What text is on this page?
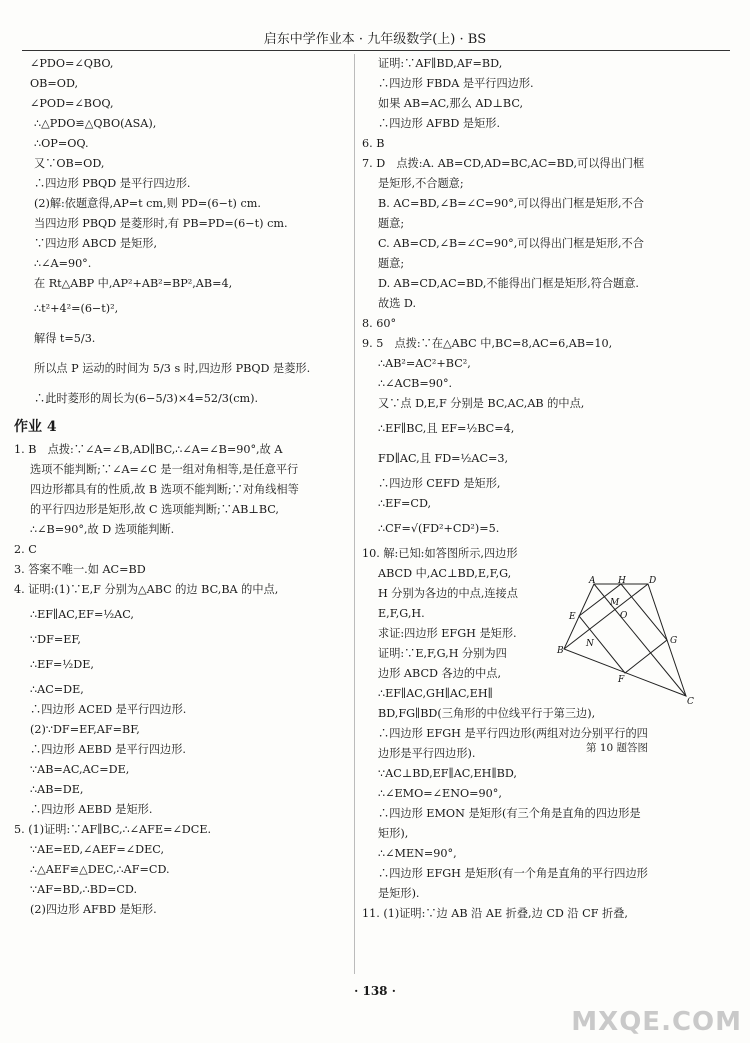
启东中学作业本 · 九年级数学(上) · BS
∠PDO=∠QBO,
OB=OD,
∠POD=∠BOQ,
∴△PDO≌△QBO(ASA),
∴OP=OQ.
又∵OB=OD,
∴四边形 PBQD 是平行四边形.
(2)解:依题意得,AP=t cm,则 PD=(6−t) cm.
当四边形 PBQD 是菱形时,有 PB=PD=(6−t) cm.
∵四边形 ABCD 是矩形,
∴∠A=90°.
在 Rt△ABP 中,AP²+AB²=BP²,AB=4,
∴t²+4²=(6−t)²,
解得 t=5/3.
所以点 P 运动的时间为 5/3 s 时,四边形 PBQD 是菱形.
∴此时菱形的周长为(6−5/3)×4=52/3(cm).
作业 4
1. B　点拨:∵∠A=∠B,AD∥BC,∴∠A=∠B=90°,故 A
选项不能判断;∵∠A=∠C 是一组对角相等,是任意平行
四边形都具有的性质,故 B 选项不能判断;∵对角线相等
的平行四边形是矩形,故 C 选项能判断;∵AB⊥BC,
∴∠B=90°,故 D 选项能判断.
2. C
3. 答案不唯一.如 AC=BD
4. 证明:(1)∵E,F 分别为△ABC 的边 BC,BA 的中点,
∴EF∥AC,EF=½AC,
∵DF=EF,
∴EF=½DE,
∴AC=DE,
∴四边形 ACED 是平行四边形.
(2)∵DF=EF,AF=BF,
∴四边形 AEBD 是平行四边形.
∵AB=AC,AC=DE,
∴AB=DE,
∴四边形 AEBD 是矩形.
5. (1)证明:∵AF∥BC,∴∠AFE=∠DCE.
∵AE=ED,∠AEF=∠DEC,
∴△AEF≌△DEC,∴AF=CD.
∵AF=BD,∴BD=CD.
(2)四边形 AFBD 是矩形.
证明:∵AF∥BD,AF=BD,
∴四边形 FBDA 是平行四边形.
如果 AB=AC,那么 AD⊥BC,
∴四边形 AFBD 是矩形.
6. B
7. D　点拨:A. AB=CD,AD=BC,AC=BD,可以得出门框
是矩形,不合题意;
B. AC=BD,∠B=∠C=90°,可以得出门框是矩形,不合
题意;
C. AB=CD,∠B=∠C=90°,可以得出门框是矩形,不合
题意;
D. AB=CD,AC=BD,不能得出门框是矩形,符合题意.
故选 D.
8. 60°
9. 5　点拨:∵在△ABC 中,BC=8,AC=6,AB=10,
∴AB²=AC²+BC²,
∴∠ACB=90°.
又∵点 D,E,F 分别是 BC,AC,AB 的中点,
∴EF∥BC,且 EF=½BC=4,
FD∥AC,且 FD=½AC=3,
∴四边形 CEFD 是矩形,
∴EF=CD,
∴CF=√(FD²+CD²)=5.
10. 解:已知:如答图所示,四边形
ABCD 中,AC⊥BD,E,F,G,
H 分别为各边的中点,连接点
E,F,G,H.
求证:四边形 EFGH 是矩形.
证明:∵E,F,G,H 分别为四
边形 ABCD 各边的中点,
∴EF∥AC,GH∥AC,EH∥
BD,FG∥BD(三角形的中位线平行于第三边),
∴四边形 EFGH 是平行四边形(两组对边分别平行的四
边形是平行四边形).
∵AC⊥BD,EF∥AC,EH∥BD,
∴∠EMO=∠ENO=90°,
∴四边形 EMON 是矩形(有三个角是直角的四边形是
矩形),
∴∠MEN=90°,
∴四边形 EFGH 是矩形(有一个角是直角的平行四边形
是矩形).
11. (1)证明:∵边 AB 沿 AE 折叠,边 CD 沿 CF 折叠,
A	H	D
M
O
E
G
N
B
F
C
第 10 题答图
· 138 ·
MXQE.COM
